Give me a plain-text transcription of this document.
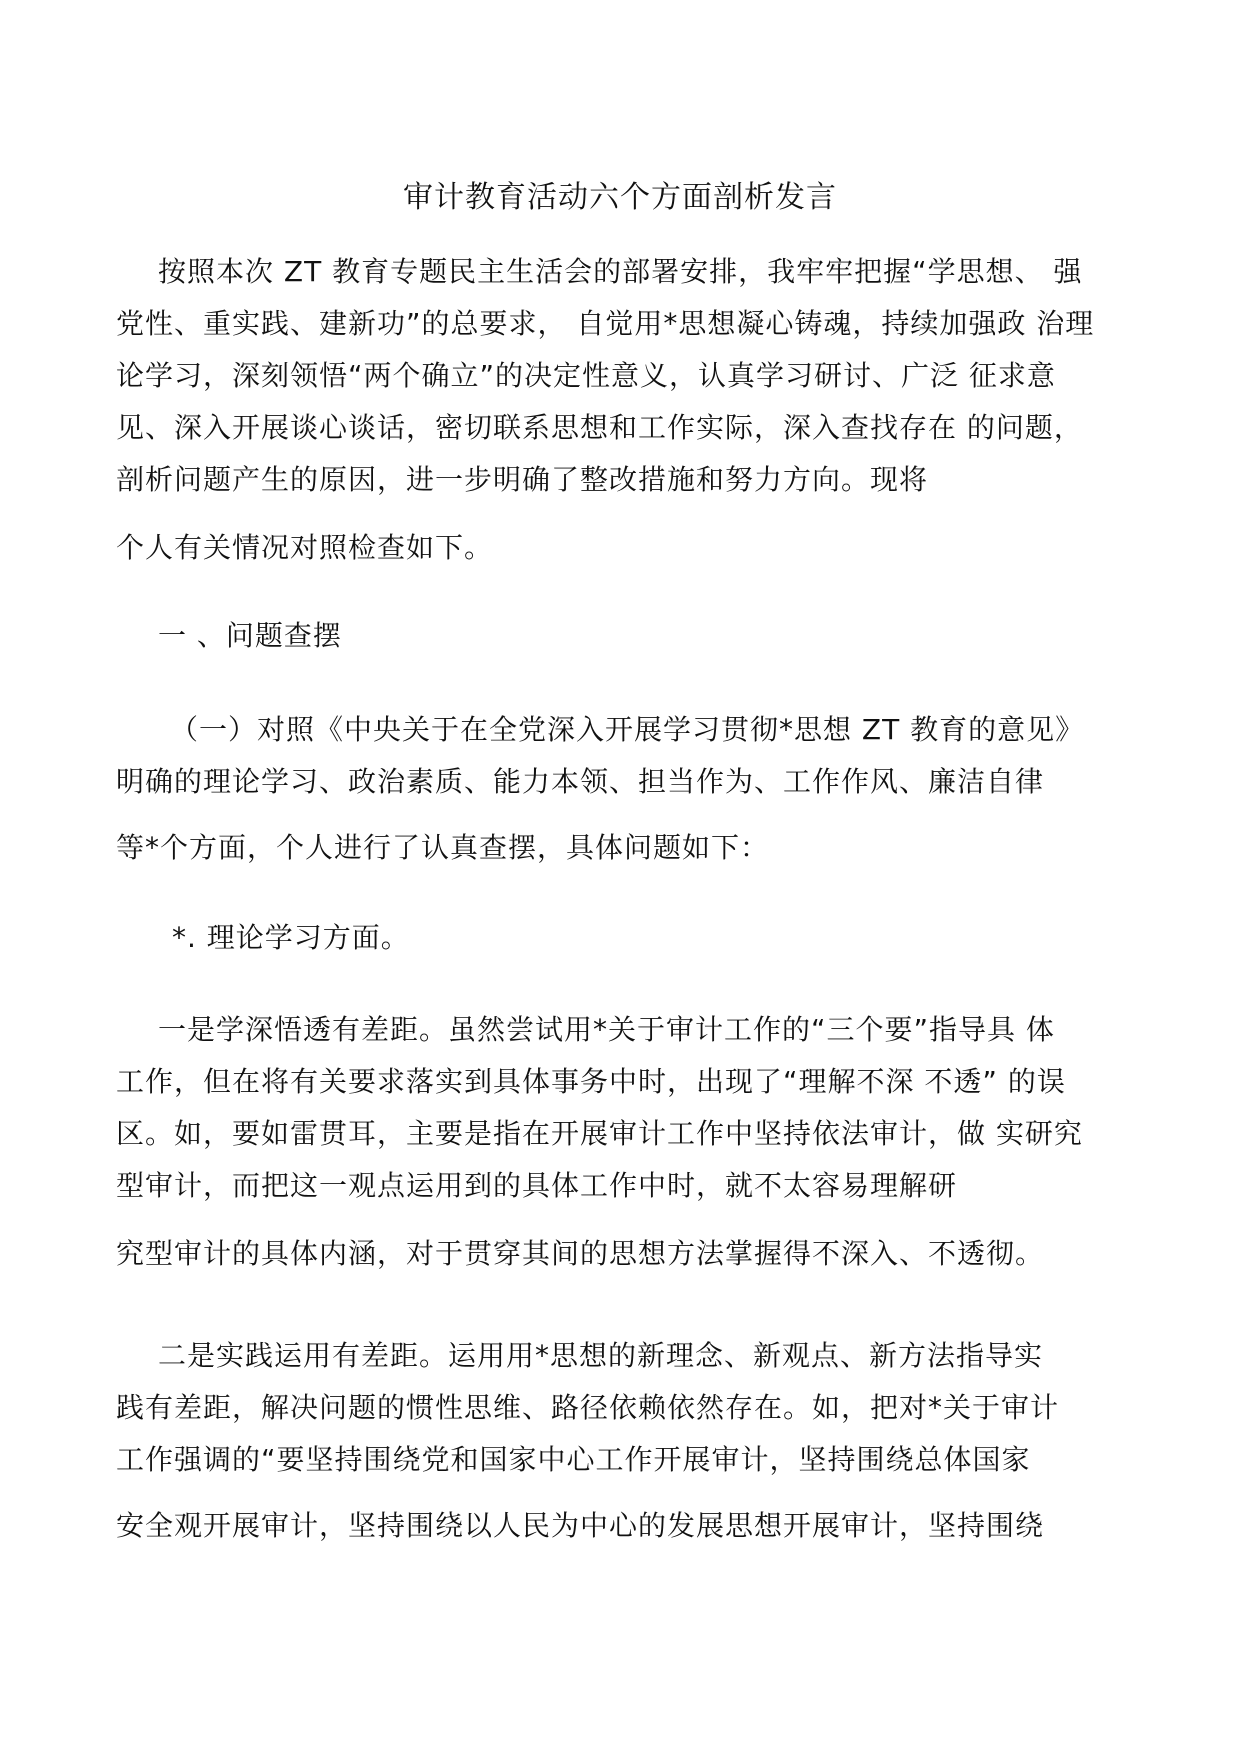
审计教育活动六个方面剖析发言
按照本次 ZT 教育专题民主生活会的部署安排，我牢牢把握“学思想、 强
党性、重实践、建新功”的总要求， 自觉用*思想凝心铸魂，持续加强政 治理
论学习，深刻领悟“两个确立”的决定性意义，认真学习研讨、广泛 征求意
见、深入开展谈心谈话，密切联系思想和工作实际，深入查找存在 的问题，
剖析问题产生的原因，进一步明确了整改措施和努力方向。现将
个人有关情况对照检查如下。
一 、问题查摆
（一）对照《中央关于在全党深入开展学习贯彻*思想 ZT 教育的意见》
明确的理论学习、政治素质、能力本领、担当作为、工作作风、廉洁自律
等*个方面，个人进行了认真查摆，具体问题如下：
*. 理论学习方面。
一是学深悟透有差距。虽然尝试用*关于审计工作的“三个要”指导具 体
工作，但在将有关要求落实到具体事务中时，出现了“理解不深 不透” 的误
区。如，要如雷贯耳，主要是指在开展审计工作中坚持依法审计，做 实研究
型审计，而把这一观点运用到的具体工作中时，就不太容易理解研
究型审计的具体内涵，对于贯穿其间的思想方法掌握得不深入、不透彻。
二是实践运用有差距。运用用*思想的新理念、新观点、新方法指导实
践有差距，解决问题的惯性思维、路径依赖依然存在。如，把对*关于审计
工作强调的“要坚持围绕党和国家中心工作开展审计，坚持围绕总体国家
安全观开展审计，坚持围绕以人民为中心的发展思想开展审计，坚持围绕
